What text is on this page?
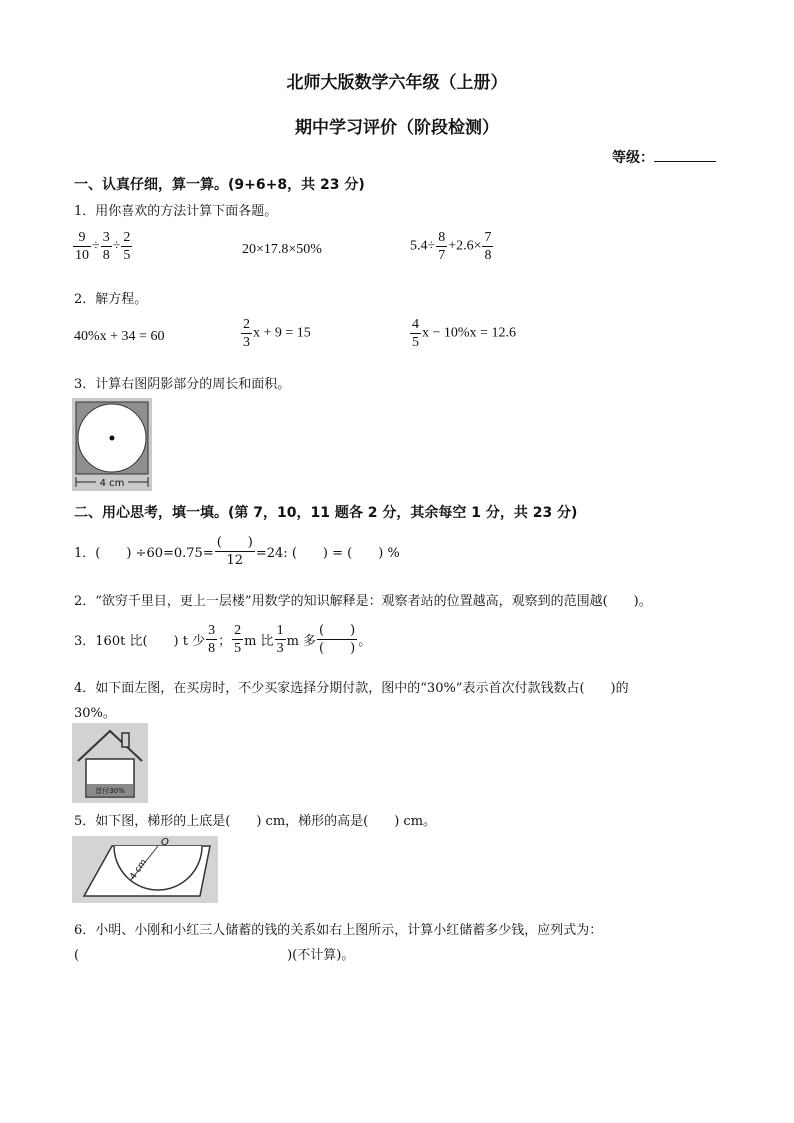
北师大版数学六年级（上册）
期中学习评价（阶段检测）
等级：
一、认真仔细，算一算。(9+6+8，共 23 分)
1．用你喜欢的方法计算下面各题。
$\frac{9}{10} \div \frac{3}{8} \div \frac{2}{5}$	20×17.8×50%	$5.4\div \frac{8}{7} +2.6\times \frac{7}{8}$
2．解方程。
40%x + 34 = 60	$\frac{2}{3}$ x + 9 = 15	$\frac{4}{5}$ x − 10%x = 12.6
3．计算右图阴影部分的周长和面积。
4 cm
二、用心思考，填一填。(第 7，10，11 题各 2 分，其余每空 1 分，共 23 分)
1．(　　) $\div 60=0.75= \frac{( )}{12} =24$: (　　) = (　　) %
2．“欲穷千里目，更上一层楼”用数学的知识解释是：观察者站的位置越高，观察到的范围越(　　)。
3．160t 比(　　) t 少 $\frac{3}{8}$ ； $\frac{2}{5}$ m 比 $\frac{1}{3}$ m 多 $\frac{( )}{( )}$ 。
4．如下面左图，在买房时，不少买家选择分期付款，图中的“30%”表示首次付款钱数占(　　)的
30%。
首付30%
5．如下图，梯形的上底是(　　) cm，梯形的高是(　　) cm。
O
4 cm
6．小明、小刚和小红三人储蓄的钱的关系如右上图所示，计算小红储蓄多少钱，应列式为：
(　　　　　　　　　　　　　　　　)(不计算)。
